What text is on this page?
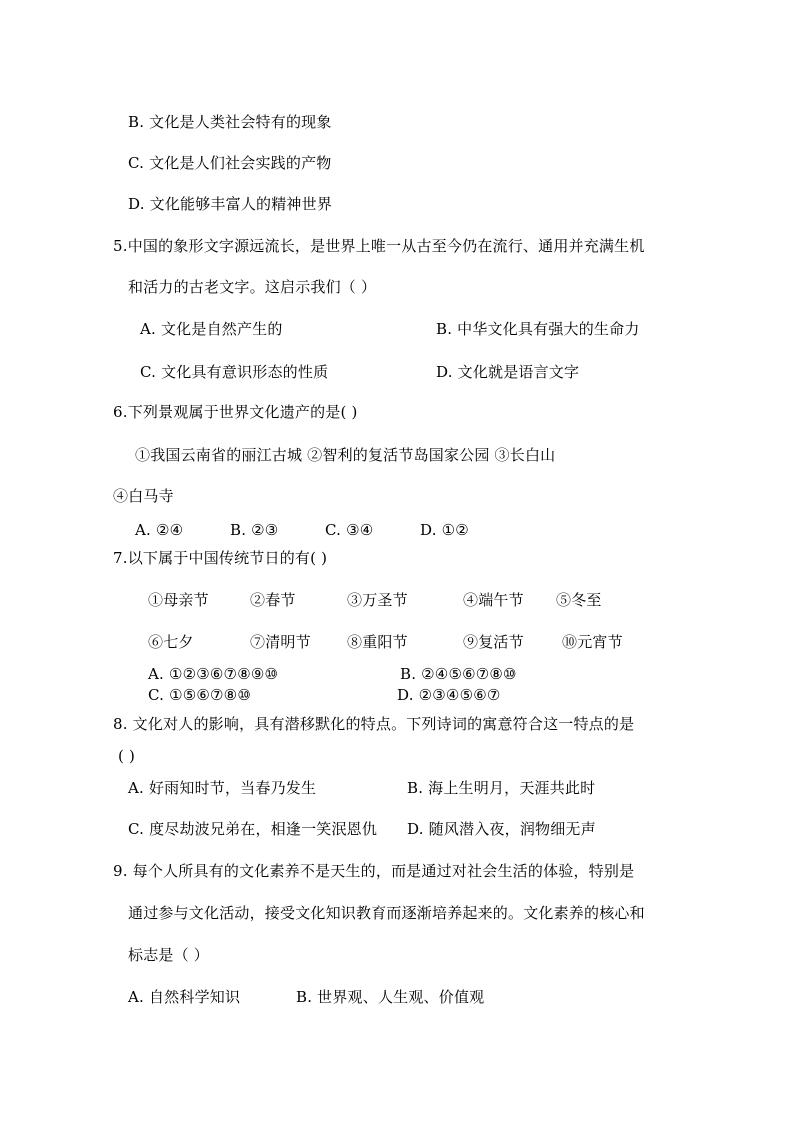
B. 文化是人类社会特有的现象
C. 文化是人们社会实践的产物
D. 文化能够丰富人的精神世界
5.中国的象形文字源远流长，是世界上唯一从古至今仍在流行、通用并充满生机
和活力的古老文字。这启示我们（ ）
A. 文化是自然产生的	B. 中华文化具有强大的生命力
C. 文化具有意识形态的性质	D. 文化就是语言文字
6.下列景观属于世界文化遗产的是( )
①我国云南省的丽江古城 ②智利的复活节岛国家公园 ③长白山
④白马寺
A. ②④	B. ②③	C. ③④	D. ①②
7.以下属于中国传统节日的有( )
①母亲节	②春节	③万圣节	④端午节 ⑤冬至
⑥七夕	⑦清明节 ⑧重阳节	⑨复活节	⑩元宵节
A. ①②③⑥⑦⑧⑨⑩	B. ②④⑤⑥⑦⑧⑩
C. ①⑤⑥⑦⑧⑩	D. ②③④⑤⑥⑦
8. 文化对人的影响，具有潜移默化的特点。下列诗词的寓意符合这一特点的是
( )
A. 好雨知时节，当春乃发生	B. 海上生明月，天涯共此时
C. 度尽劫波兄弟在，相逢一笑泯恩仇 D. 随风潜入夜，润物细无声
9. 每个人所具有的文化素养不是天生的，而是通过对社会生活的体验，特别是
通过参与文化活动，接受文化知识教育而逐渐培养起来的。文化素养的核心和
标志是（ ）
A. 自然科学知识	B. 世界观、人生观、价值观
